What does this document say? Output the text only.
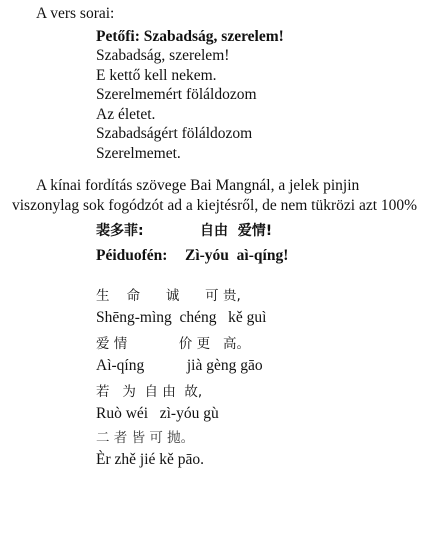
A vers sorai:
Petőfi: Szabadság, szerelem!
Szabadság, szerelem!
E kettő kell nekem.
Szerelmemért föláldozom
Az életet.
Szabadságért föláldozom
Szerelmemet.
A kínai fordítás szövege Bai Mangnál, a jelek pinjin
viszonylag sok fogódzót ad a kiejtésről, de nem tükrözi azt 100%
裴多菲:	自由  爱情!
Péiduofén: Zì-yóu  aì-qíng!
生    命      诚      可 贵,
Shēng-mìng  chéng   kě guì
爱 情            价 更   高。
Aì-qíng           jià gèng gāo
若   为  自 由  故,
Ruò wéi   zì-yóu gù
二 者 皆 可 抛。
Èr zhě jié kě pāo.
